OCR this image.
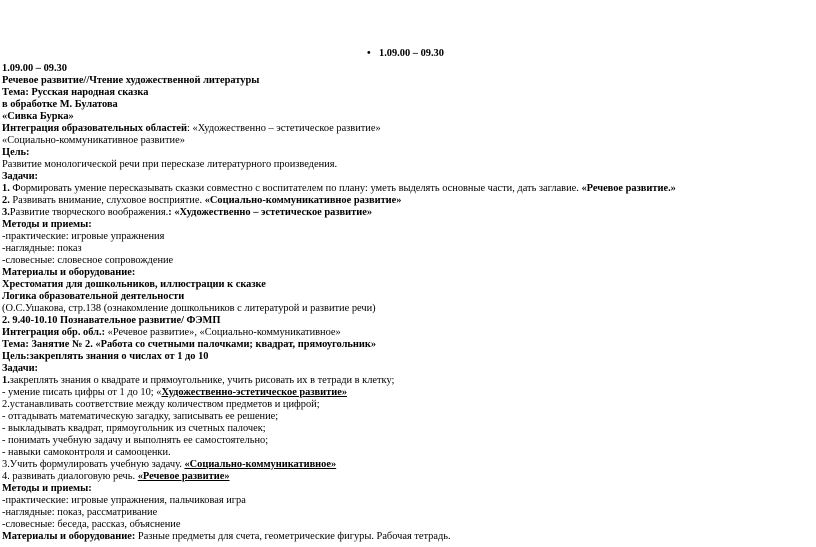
• 1.09.00 – 09.30
1.09.00 – 09.30
Речевое развитие//Чтение художественной литературы
Тема: Русская народная сказка
в обработке М. Булатова
«Сивка Бурка»
Интеграция образовательных областей: «Художественно – эстетическое развитие»
«Социально-коммуникативное развитие»
Цель:
Развитие монологической речи при пересказе литературного произведения.
Задачи:
1. Формировать умение пересказывать сказки совместно с воспитателем по плану: уметь выделять основные части, дать заглавие. «Речевое развитие.»
2. Развивать внимание, слуховое восприятие. «Социально-коммуникативное развитие»
3.Развитие творческого воображения.: «Художественно – эстетическое развитие»
Методы и приемы:
-практические: игровые упражнения
-наглядные: показ
-словесные: словесное сопровождение
Материалы и оборудование:
Хрестоматия для дошкольников, иллюстрации к сказке
Логика образовательной деятельности
(О.С.Ушакова, стр.138 (ознакомление дошкольников с литературой и развитие речи)
2. 9.40-10.10 Познавательное развитие/ ФЭМП
Интеграция обр. обл.: «Речевое развитие», «Социально-коммуникативное»
Тема: Занятие № 2. «Работа со счетными палочками; квадрат, прямоугольник»
Цель:закреплять знания о числах от 1 до 10
Задачи:
1.закреплять знания о квадрате и прямоугольнике, учить рисовать их в тетради в клетку;
- умение писать цифры от 1 до 10; «Художественно-эстетическое развитие»
2.устанавливать соответствие между количеством предметов и цифрой;
- отгадывать математическую загадку, записывать ее решение;
- выкладывать квадрат, прямоугольник из счетных палочек;
- понимать учебную задачу и выполнять ее самостоятельно;
- навыки самоконтроля и самооценки.
3.Учить формулировать учебную задачу. «Социально-коммуникативное»
4. развивать диалоговую речь. «Речевое развитие»
Методы и приемы:
-практические: игровые упражнения, пальчиковая игра
-наглядные: показ, рассматривание
-словесные: беседа, рассказ, объяснение
Материалы и оборудование: Разные предметы для счета, геометрические фигуры. Рабочая тетрадь.
